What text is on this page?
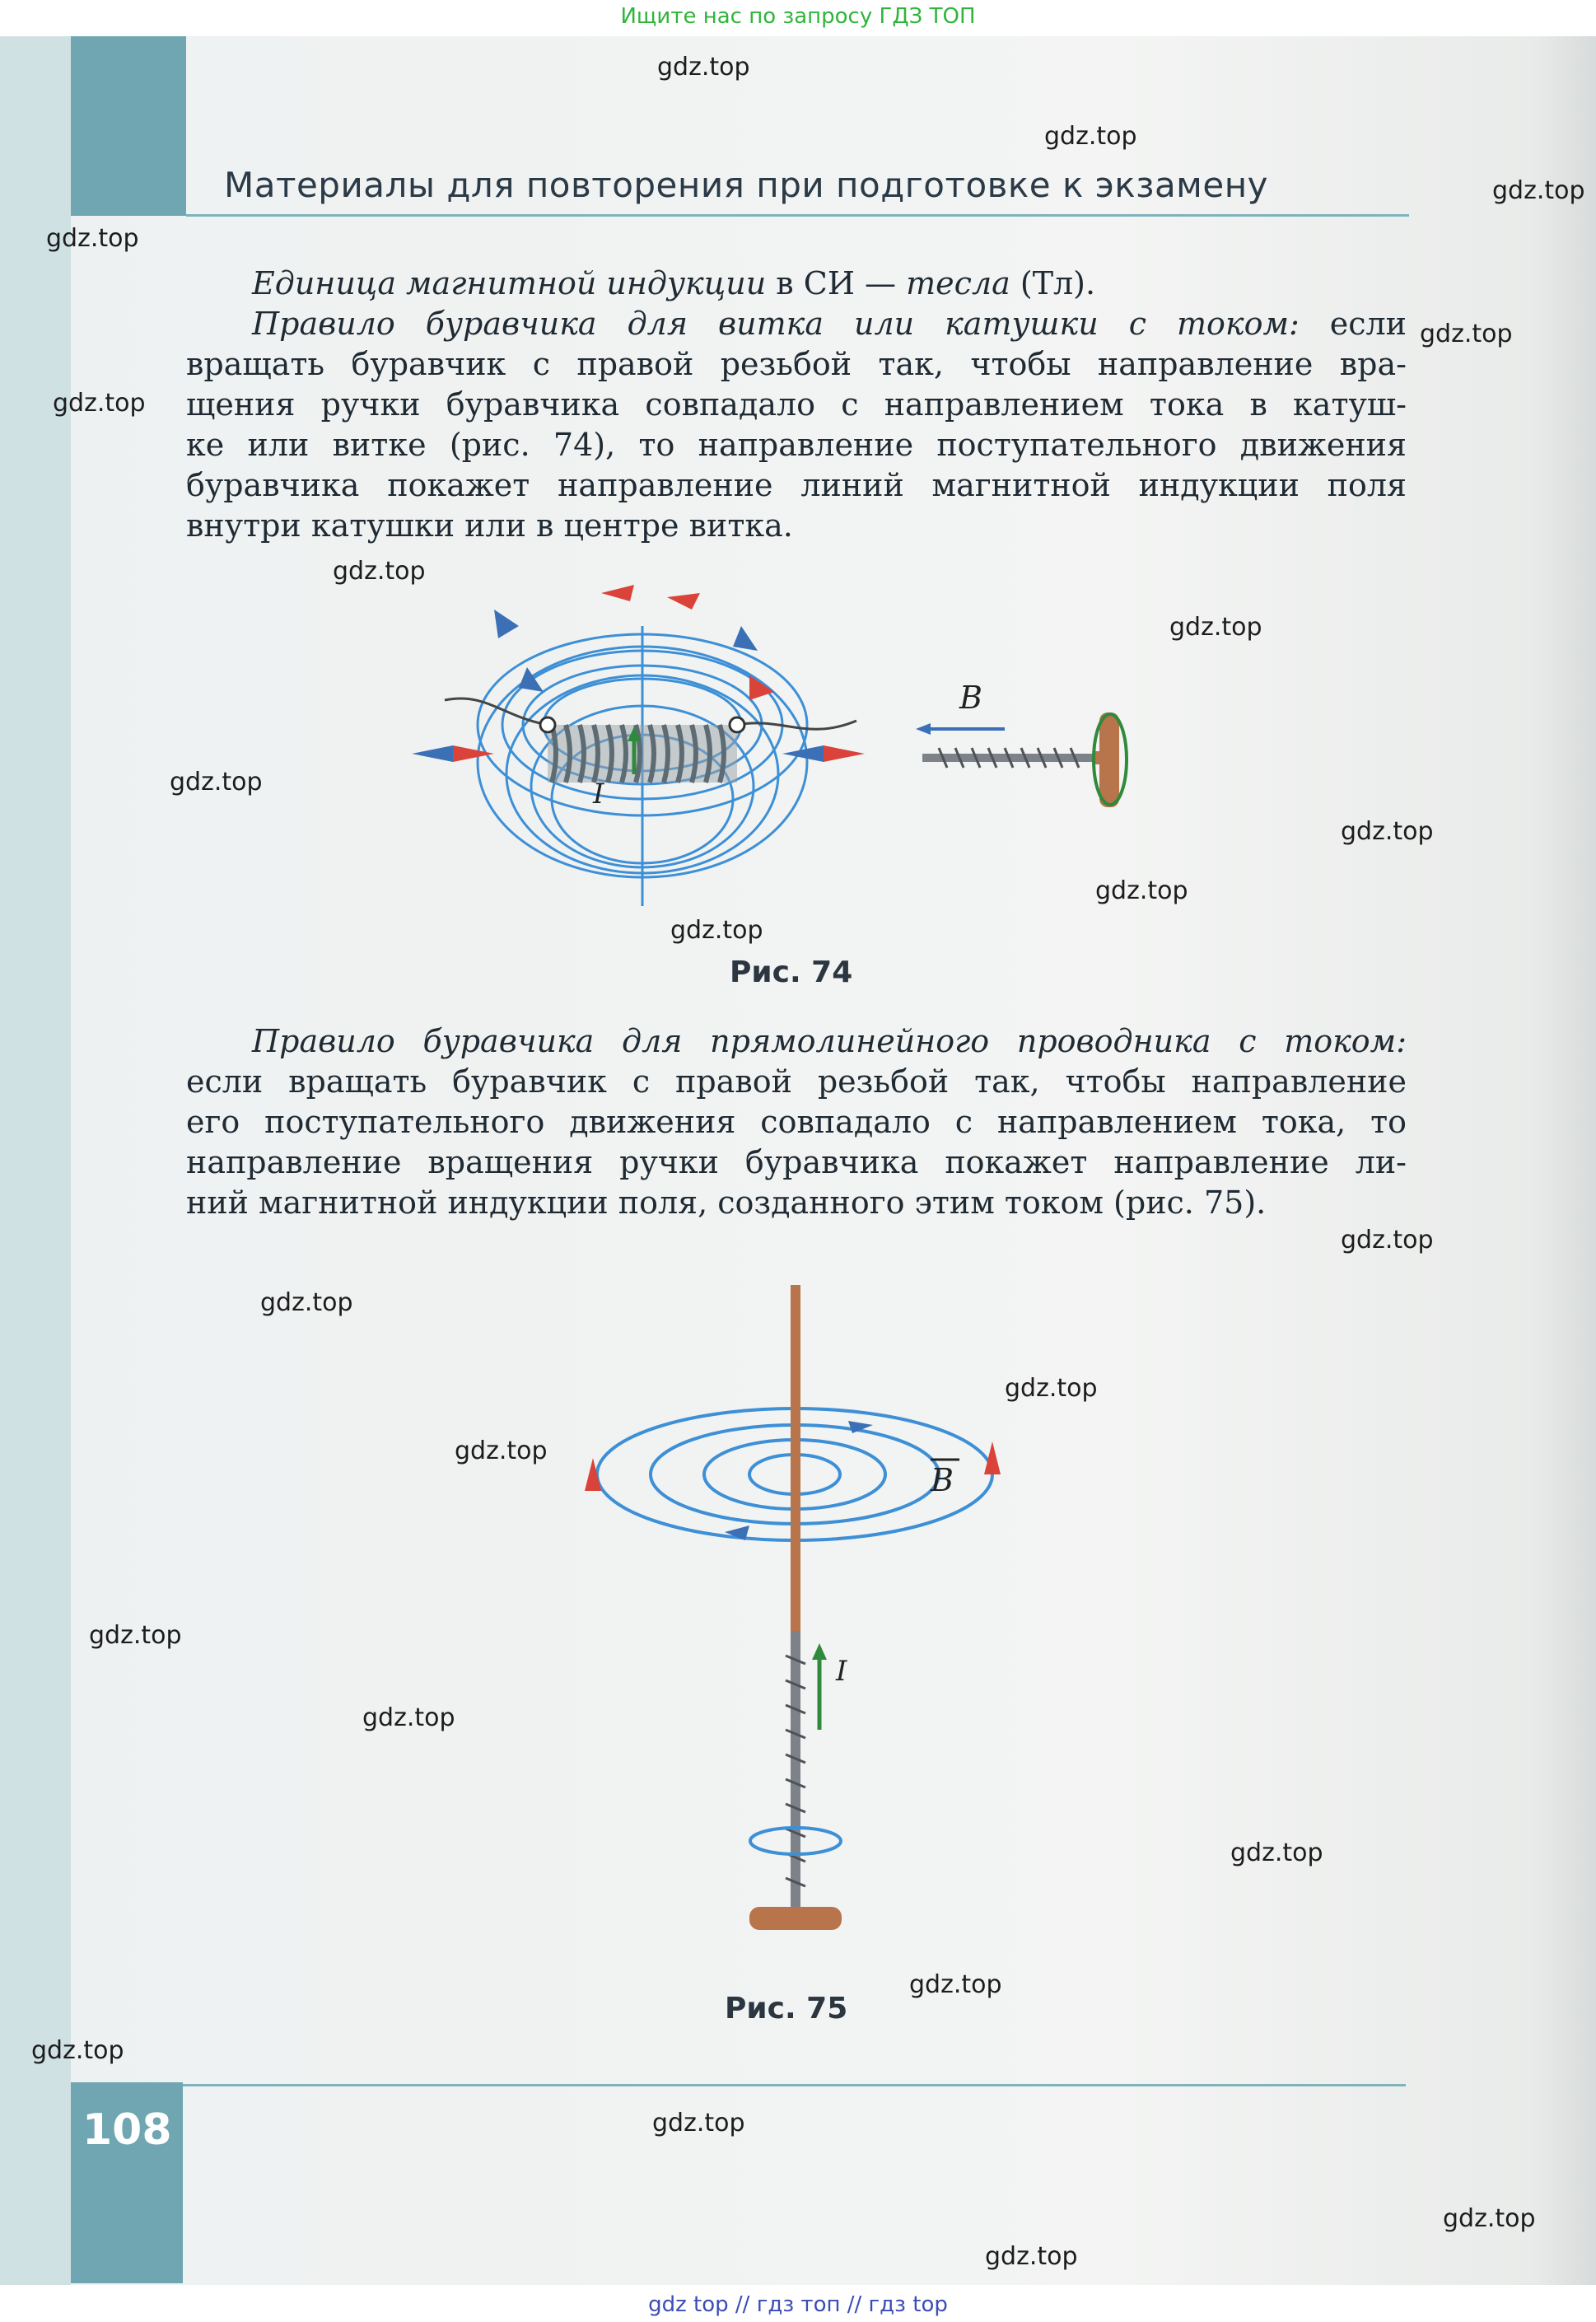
Ищите нас по запросу ГДЗ ТОП
Материалы для повторения при подготовке к экзамену
108
Единица магнитной индукции в СИ — тесла (Тл).
Правило буравчика для витка или катушки с током: если
вращать буравчик с правой резьбой так, чтобы направление вра-
щения ручки буравчика совпадало с направлением тока в катуш-
ке или витке (рис. 74), то направление поступательного движения
буравчика покажет направление линий магнитной индукции поля
внутри катушки или в центре витка.
I
B
Рис. 74
Правило буравчика для прямолинейного проводника с током:
если вращать буравчик с правой резьбой так, чтобы направление
его поступательного движения совпадало с направлением тока, то
направление вращения ручки буравчика покажет направление ли-
ний магнитной индукции поля, созданного этим током (рис. 75).
B
I
Рис. 75
gdz.top
gdz.top
gdz.top
gdz.top
gdz.top
gdz.top
gdz.top
gdz.top
gdz.top
gdz.top
gdz.top
gdz.top
gdz.top
gdz.top
gdz.top
gdz.top
gdz.top
gdz.top
gdz.top
gdz.top
gdz.top
gdz.top
gdz.top
gdz.top
gdz top // гдз топ // гдз top
